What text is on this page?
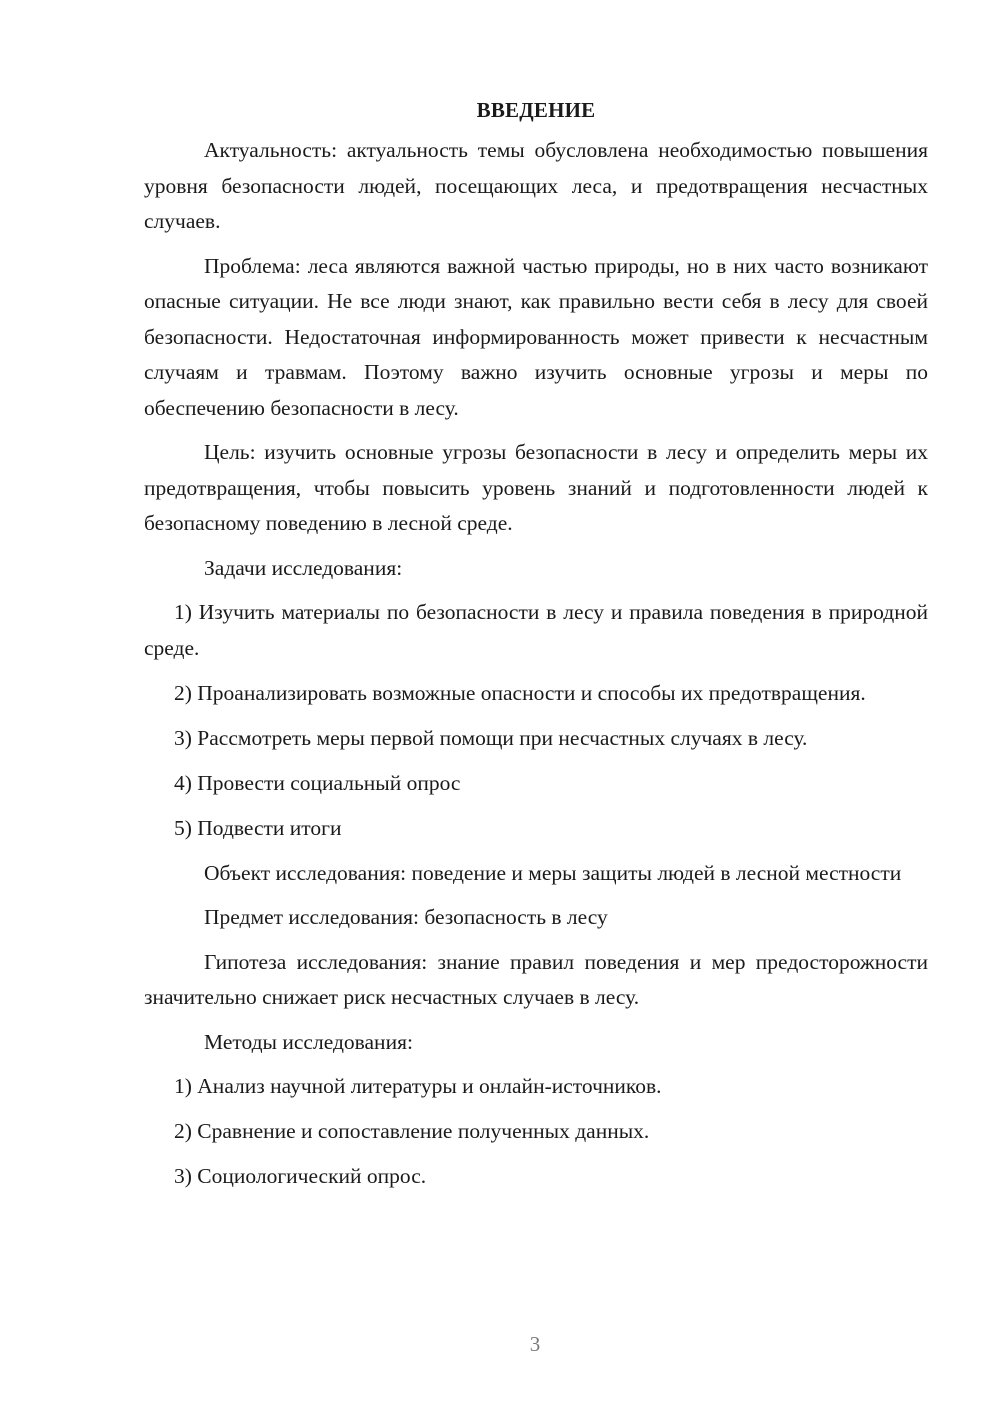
ВВЕДЕНИЕ

Актуальность: актуальность темы обусловлена необходимостью повышения уровня безопасности людей, посещающих леса, и предотвращения несчастных случаев.

Проблема: леса являются важной частью природы, но в них часто возникают опасные ситуации. Не все люди знают, как правильно вести себя в лесу для своей безопасности. Недостаточная информированность может привести к несчастным случаям и травмам. Поэтому важно изучить основные угрозы и меры по обеспечению безопасности в лесу.

Цель: изучить основные угрозы безопасности в лесу и определить меры их предотвращения, чтобы повысить уровень знаний и подготовленности людей к безопасному поведению в лесной среде.

Задачи исследования:

1) Изучить материалы по безопасности в лесу и правила поведения в природной среде.

2) Проанализировать возможные опасности и способы их предотвращения.

3) Рассмотреть меры первой помощи при несчастных случаях в лесу.

4) Провести социальный опрос

5) Подвести итоги

Объект исследования: поведение и меры защиты людей в лесной местности

Предмет исследования: безопасность в лесу

Гипотеза исследования: знание правил поведения и мер предосторожности значительно снижает риск несчастных случаев в лесу.

Методы исследования:

1) Анализ научной литературы и онлайн-источников.

2) Сравнение и сопоставление полученных данных.

3) Социологический опрос.

3
